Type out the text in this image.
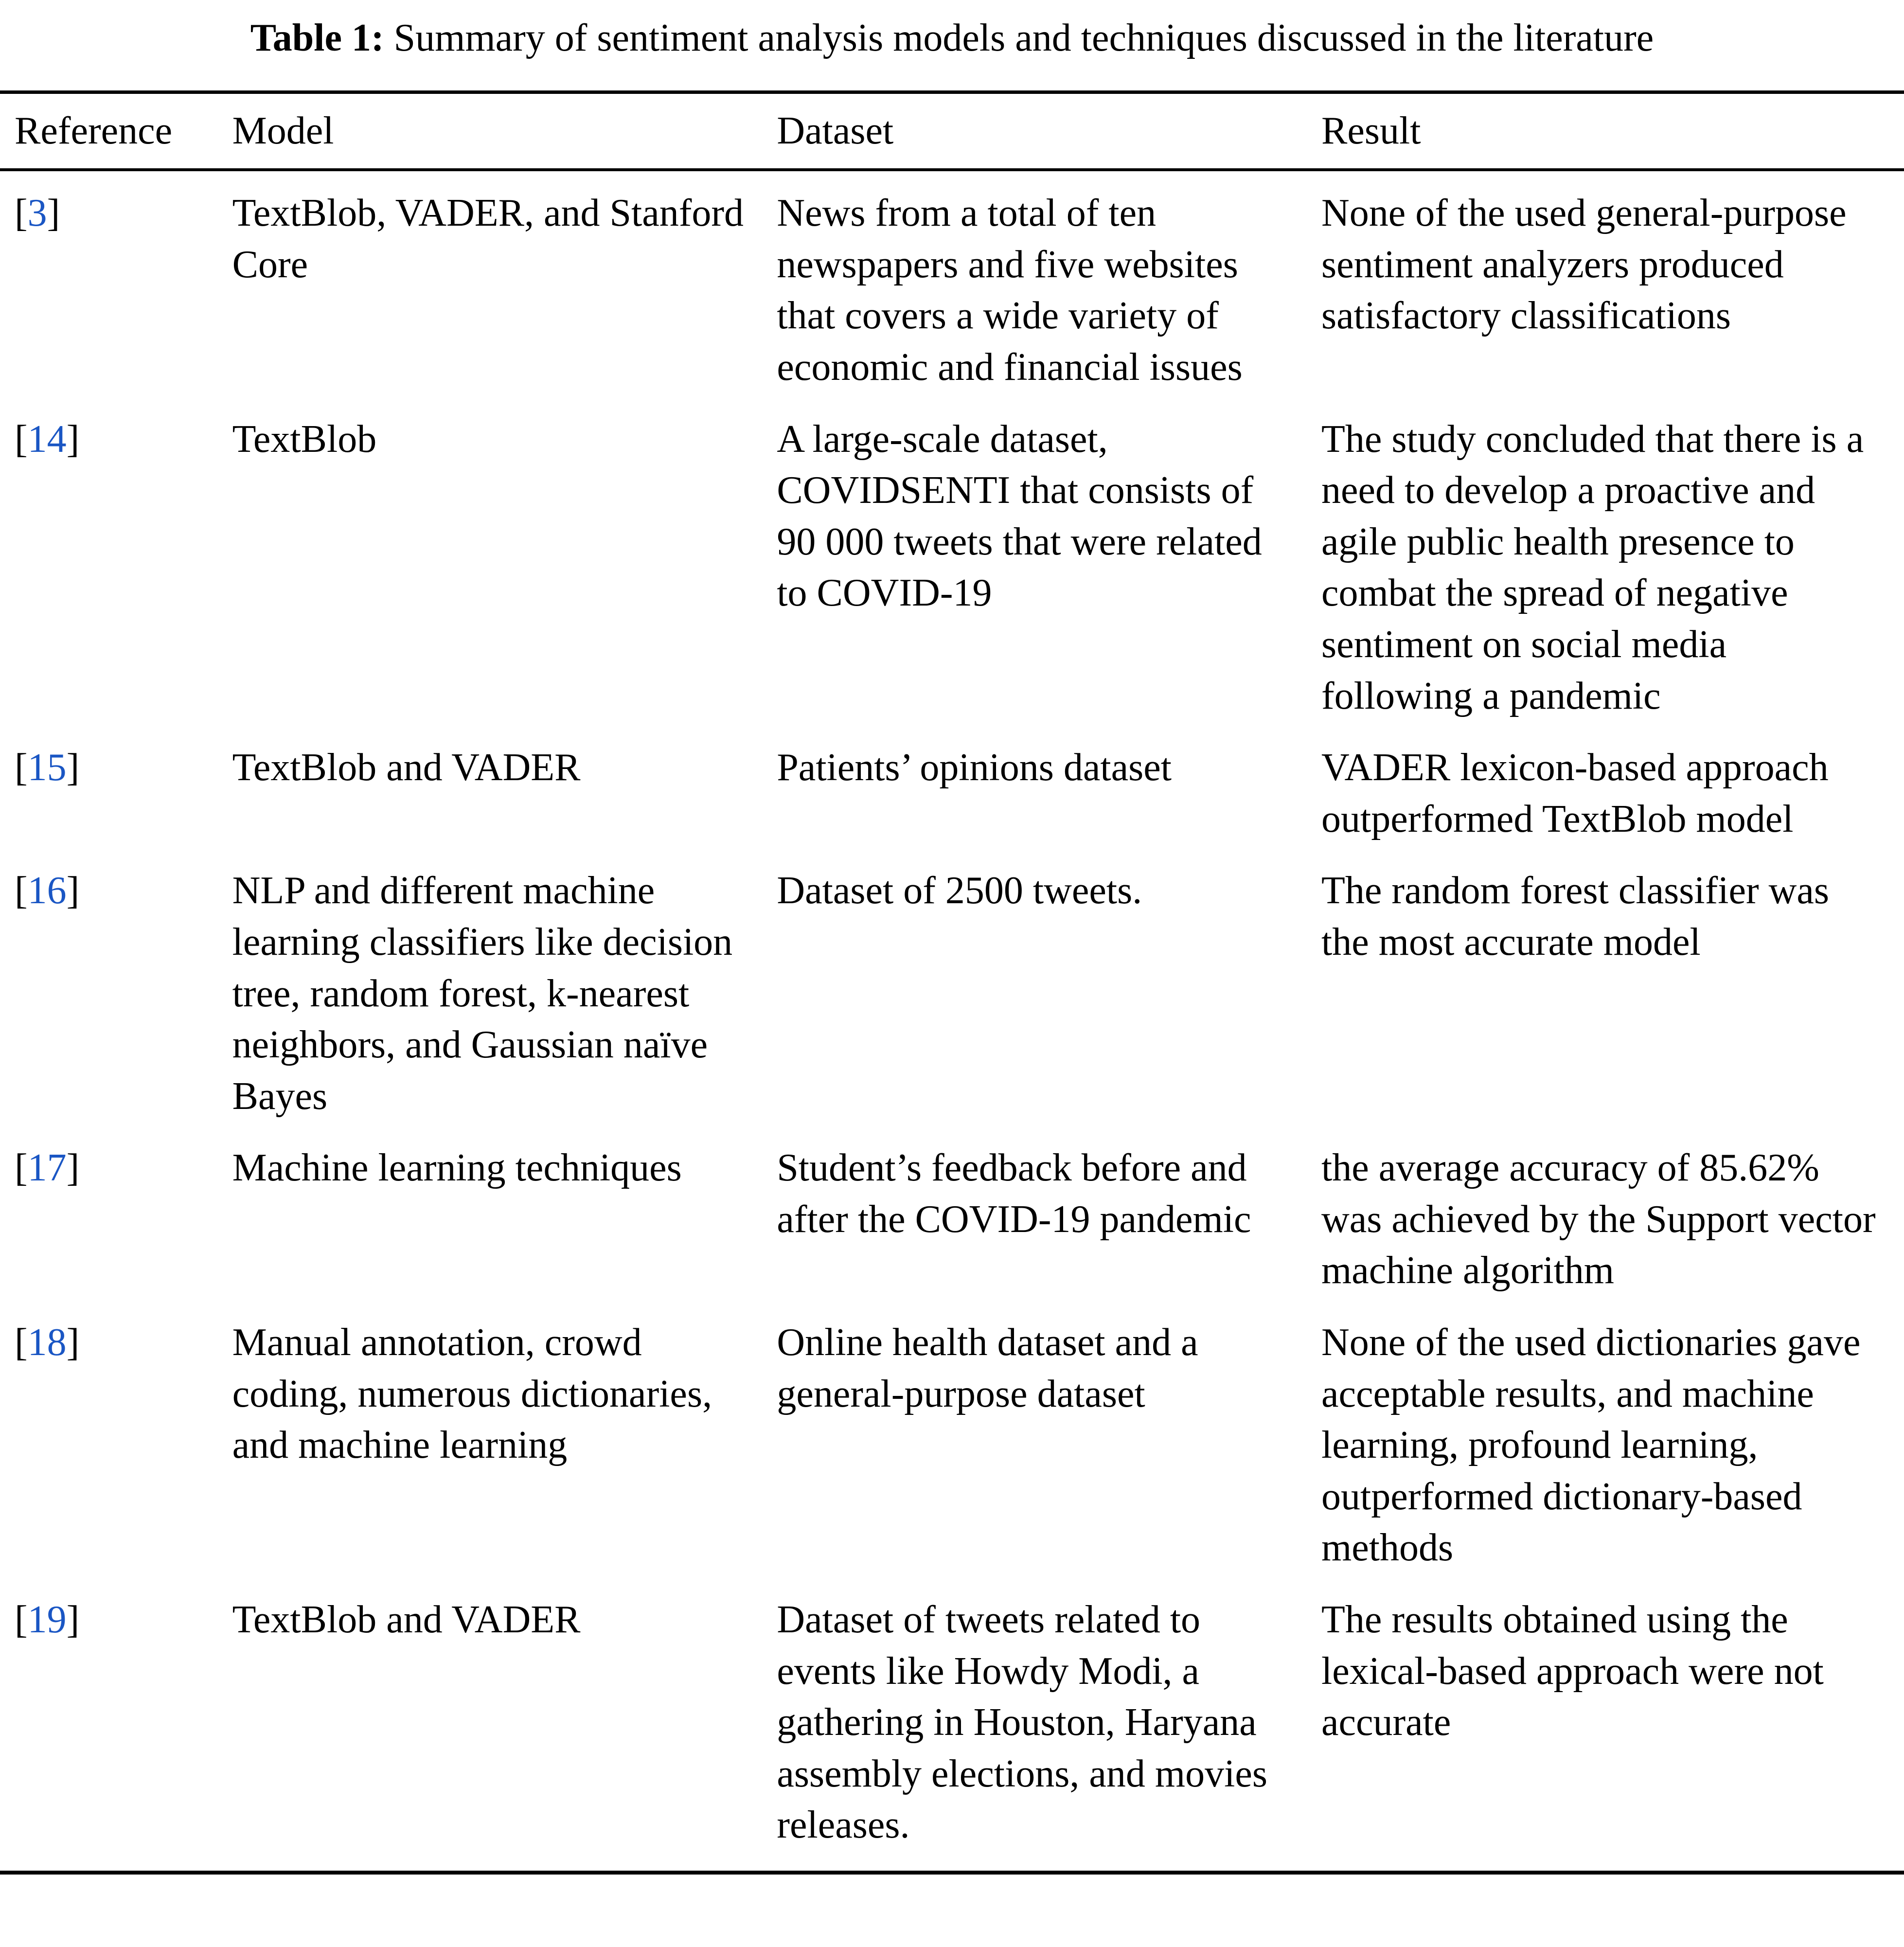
Table 1: Summary of sentiment analysis models and techniques discussed in the literature
Reference	Model	Dataset	Result
[3]	TextBlob, VADER, and Stanford Core	News from a total of ten newspapers and five websites that covers a wide variety of economic and financial issues	None of the used general-purpose sentiment analyzers produced satisfactory classifications
[14]	TextBlob	A large-scale dataset, COVIDSENTI that consists of 90 000 tweets that were related to COVID-19	The study concluded that there is a need to develop a proactive and agile public health presence to combat the spread of negative sentiment on social media following a pandemic
[15]	TextBlob and VADER	Patients’ opinions dataset	VADER lexicon-based approach outperformed TextBlob model
[16]	NLP and different machine learning classifiers like decision tree, random forest, k-nearest neighbors, and Gaussian naïve Bayes	Dataset of 2500 tweets.	The random forest classifier was the most accurate model
[17]	Machine learning techniques	Student’s feedback before and after the COVID-19 pandemic	the average accuracy of 85.62% was achieved by the Support vector machine algorithm
[18]	Manual annotation, crowd coding, numerous dictionaries, and machine learning	Online health dataset and a general-purpose dataset	None of the used dictionaries gave acceptable results, and machine learning, profound learning, outperformed dictionary-based methods
[19]	TextBlob and VADER	Dataset of tweets related to events like Howdy Modi, a gathering in Houston, Haryana assembly elections, and movies releases.	The results obtained using the lexical-based approach were not accurate
